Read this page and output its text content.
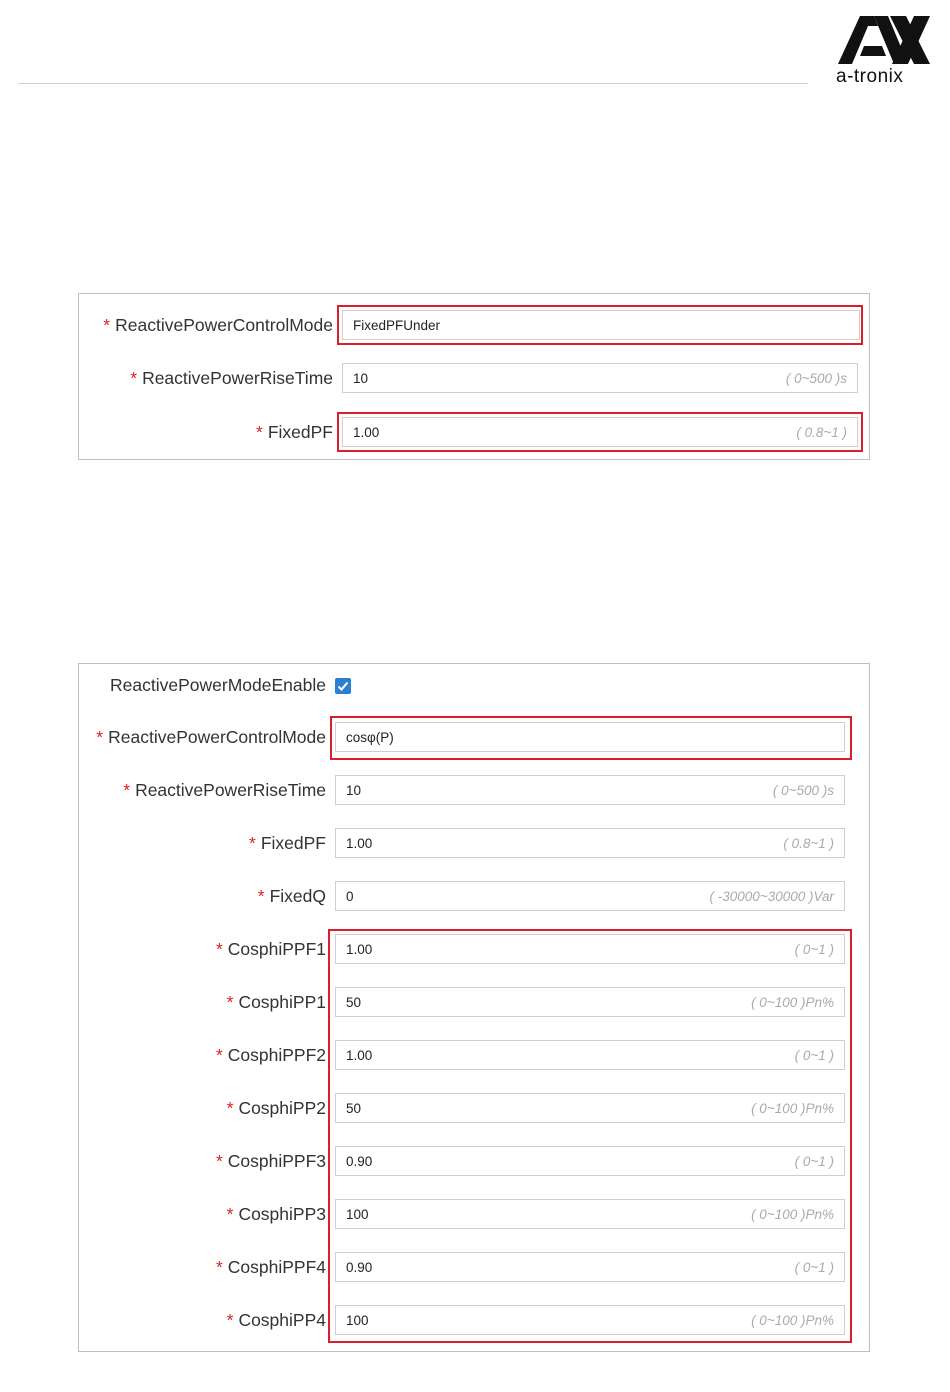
a-tronix
* ReactivePowerControlMode FixedPFUnder
* ReactivePowerRiseTime 10	( 0~500 )s
* FixedPF 1.00	( 0.8~1 )
ReactivePowerModeEnable
* ReactivePowerControlMode cosφ(P)
* ReactivePowerRiseTime 10	( 0~500 )s
* FixedPF 1.00	( 0.8~1 )
* FixedQ 0	( -30000~30000 )Var
* CosphiPPF1 1.00	( 0~1 )
* CosphiPP1 50	( 0~100 )Pn%
* CosphiPPF2 1.00	( 0~1 )
* CosphiPP2 50	( 0~100 )Pn%
* CosphiPPF3 0.90	( 0~1 )
* CosphiPP3 100	( 0~100 )Pn%
* CosphiPPF4 0.90	( 0~1 )
* CosphiPP4 100	( 0~100 )Pn%
